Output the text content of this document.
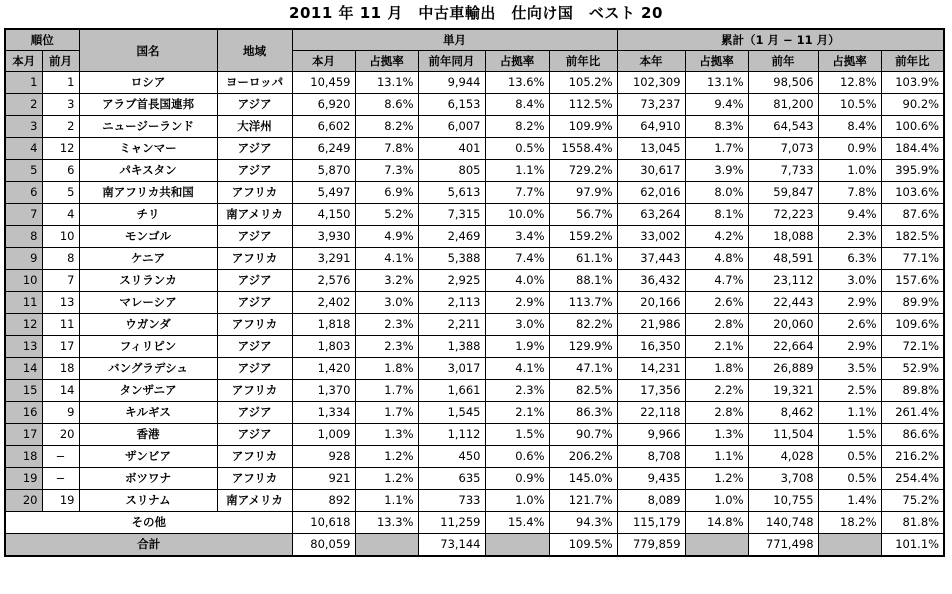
2011 年 11 月　中古車輸出　仕向け国　ベスト 20
順位		国名	地域	単月					累計（1 月 − 11 月）				
本月	前月			本月	占拠率	前年同月	占拠率	前年比	本年	占拠率	前年	占拠率	前年比
1	1	ロシア	ヨーロッパ	10,459	13.1%	9,944	13.6%	105.2%	102,309	13.1%	98,506	12.8%	103.9%
2	3	アラブ首長国連邦	アジア	6,920	8.6%	6,153	8.4%	112.5%	73,237	9.4%	81,200	10.5%	90.2%
3	2	ニュージーランド	大洋州	6,602	8.2%	6,007	8.2%	109.9%	64,910	8.3%	64,543	8.4%	100.6%
4	12	ミャンマー	アジア	6,249	7.8%	401	0.5%	1558.4%	13,045	1.7%	7,073	0.9%	184.4%
5	6	パキスタン	アジア	5,870	7.3%	805	1.1%	729.2%	30,617	3.9%	7,733	1.0%	395.9%
6	5	南アフリカ共和国	アフリカ	5,497	6.9%	5,613	7.7%	97.9%	62,016	8.0%	59,847	7.8%	103.6%
7	4	チリ	南アメリカ	4,150	5.2%	7,315	10.0%	56.7%	63,264	8.1%	72,223	9.4%	87.6%
8	10	モンゴル	アジア	3,930	4.9%	2,469	3.4%	159.2%	33,002	4.2%	18,088	2.3%	182.5%
9	8	ケニア	アフリカ	3,291	4.1%	5,388	7.4%	61.1%	37,443	4.8%	48,591	6.3%	77.1%
10	7	スリランカ	アジア	2,576	3.2%	2,925	4.0%	88.1%	36,432	4.7%	23,112	3.0%	157.6%
11	13	マレーシア	アジア	2,402	3.0%	2,113	2.9%	113.7%	20,166	2.6%	22,443	2.9%	89.9%
12	11	ウガンダ	アフリカ	1,818	2.3%	2,211	3.0%	82.2%	21,986	2.8%	20,060	2.6%	109.6%
13	17	フィリピン	アジア	1,803	2.3%	1,388	1.9%	129.9%	16,350	2.1%	22,664	2.9%	72.1%
14	18	バングラデシュ	アジア	1,420	1.8%	3,017	4.1%	47.1%	14,231	1.8%	26,889	3.5%	52.9%
15	14	タンザニア	アフリカ	1,370	1.7%	1,661	2.3%	82.5%	17,356	2.2%	19,321	2.5%	89.8%
16	9	キルギス	アジア	1,334	1.7%	1,545	2.1%	86.3%	22,118	2.8%	8,462	1.1%	261.4%
17	20	香港	アジア	1,009	1.3%	1,112	1.5%	90.7%	9,966	1.3%	11,504	1.5%	86.6%
18	−	ザンビア	アフリカ	928	1.2%	450	0.6%	206.2%	8,708	1.1%	4,028	0.5%	216.2%
19	−	ボツワナ	アフリカ	921	1.2%	635	0.9%	145.0%	9,435	1.2%	3,708	0.5%	254.4%
20	19	スリナム	南アメリカ	892	1.1%	733	1.0%	121.7%	8,089	1.0%	10,755	1.4%	75.2%
その他				10,618	13.3%	11,259	15.4%	94.3%	115,179	14.8%	140,748	18.2%	81.8%
合計				80,059		73,144		109.5%	779,859		771,498		101.1%
